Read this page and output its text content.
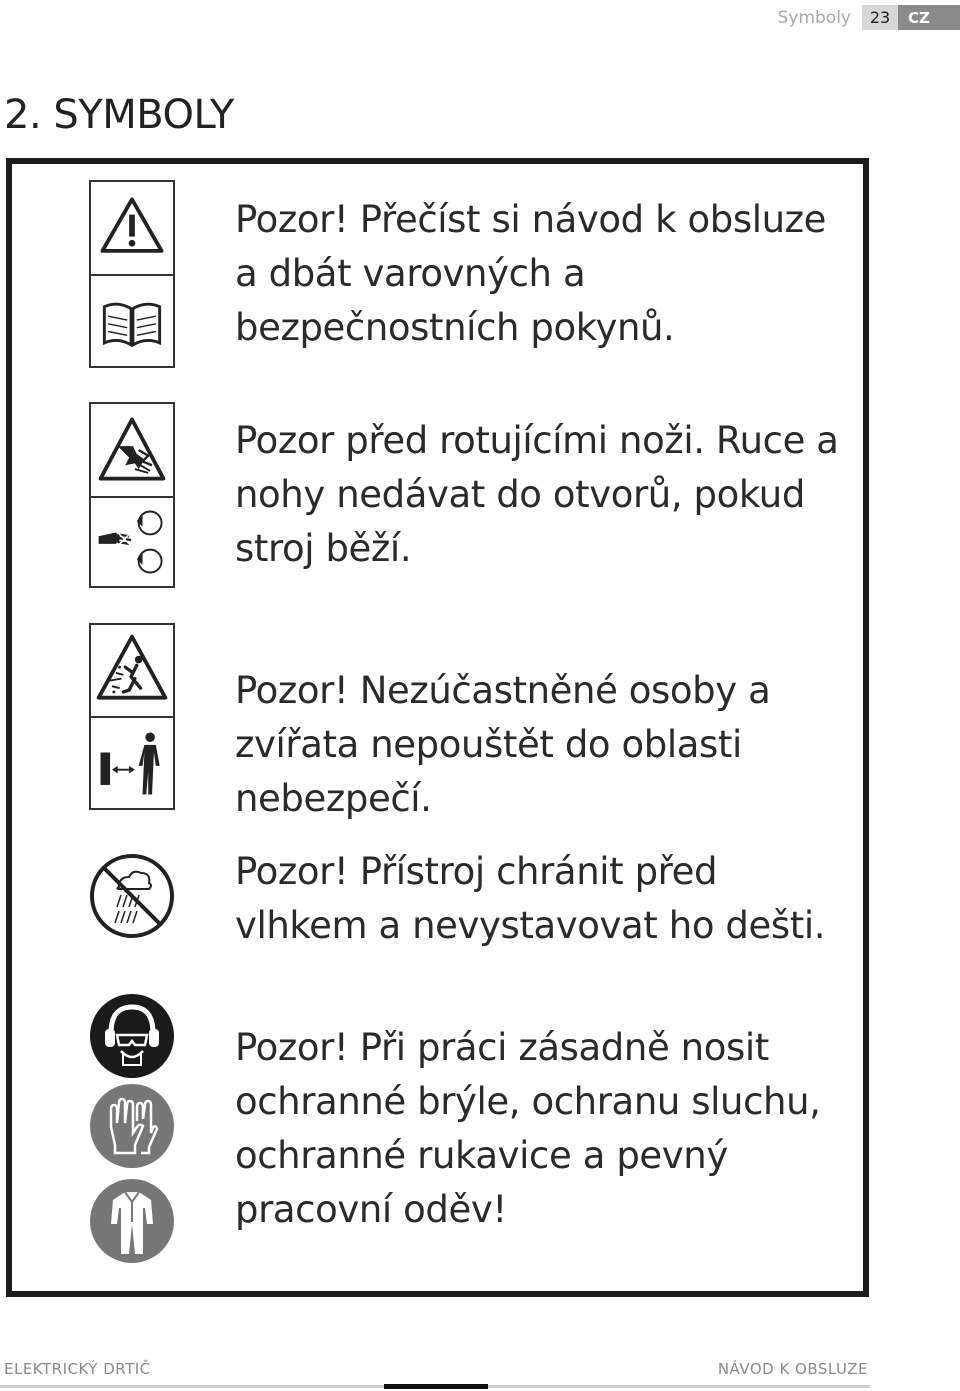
Symboly	23	CZ
2. SYMBOLY

Pozor! Přečíst si návod k obsluze a dbát varovných a bezpečnostních pokynů.

Pozor před rotujícími noži. Ruce a nohy nedávat do otvorů, pokud stroj běží.

Pozor! Nezúčastněné osoby a zvířata nepouštět do oblasti nebezpečí.

Pozor! Přístroj chránit před vlhkem a nevystavovat ho dešti.

Pozor! Při práci zásadně nosit ochranné brýle, ochranu sluchu, ochranné rukavice a pevný pracovní oděv!

ELEKTRICKÝ DRTIČ	NÁVOD K OBSLUZE
